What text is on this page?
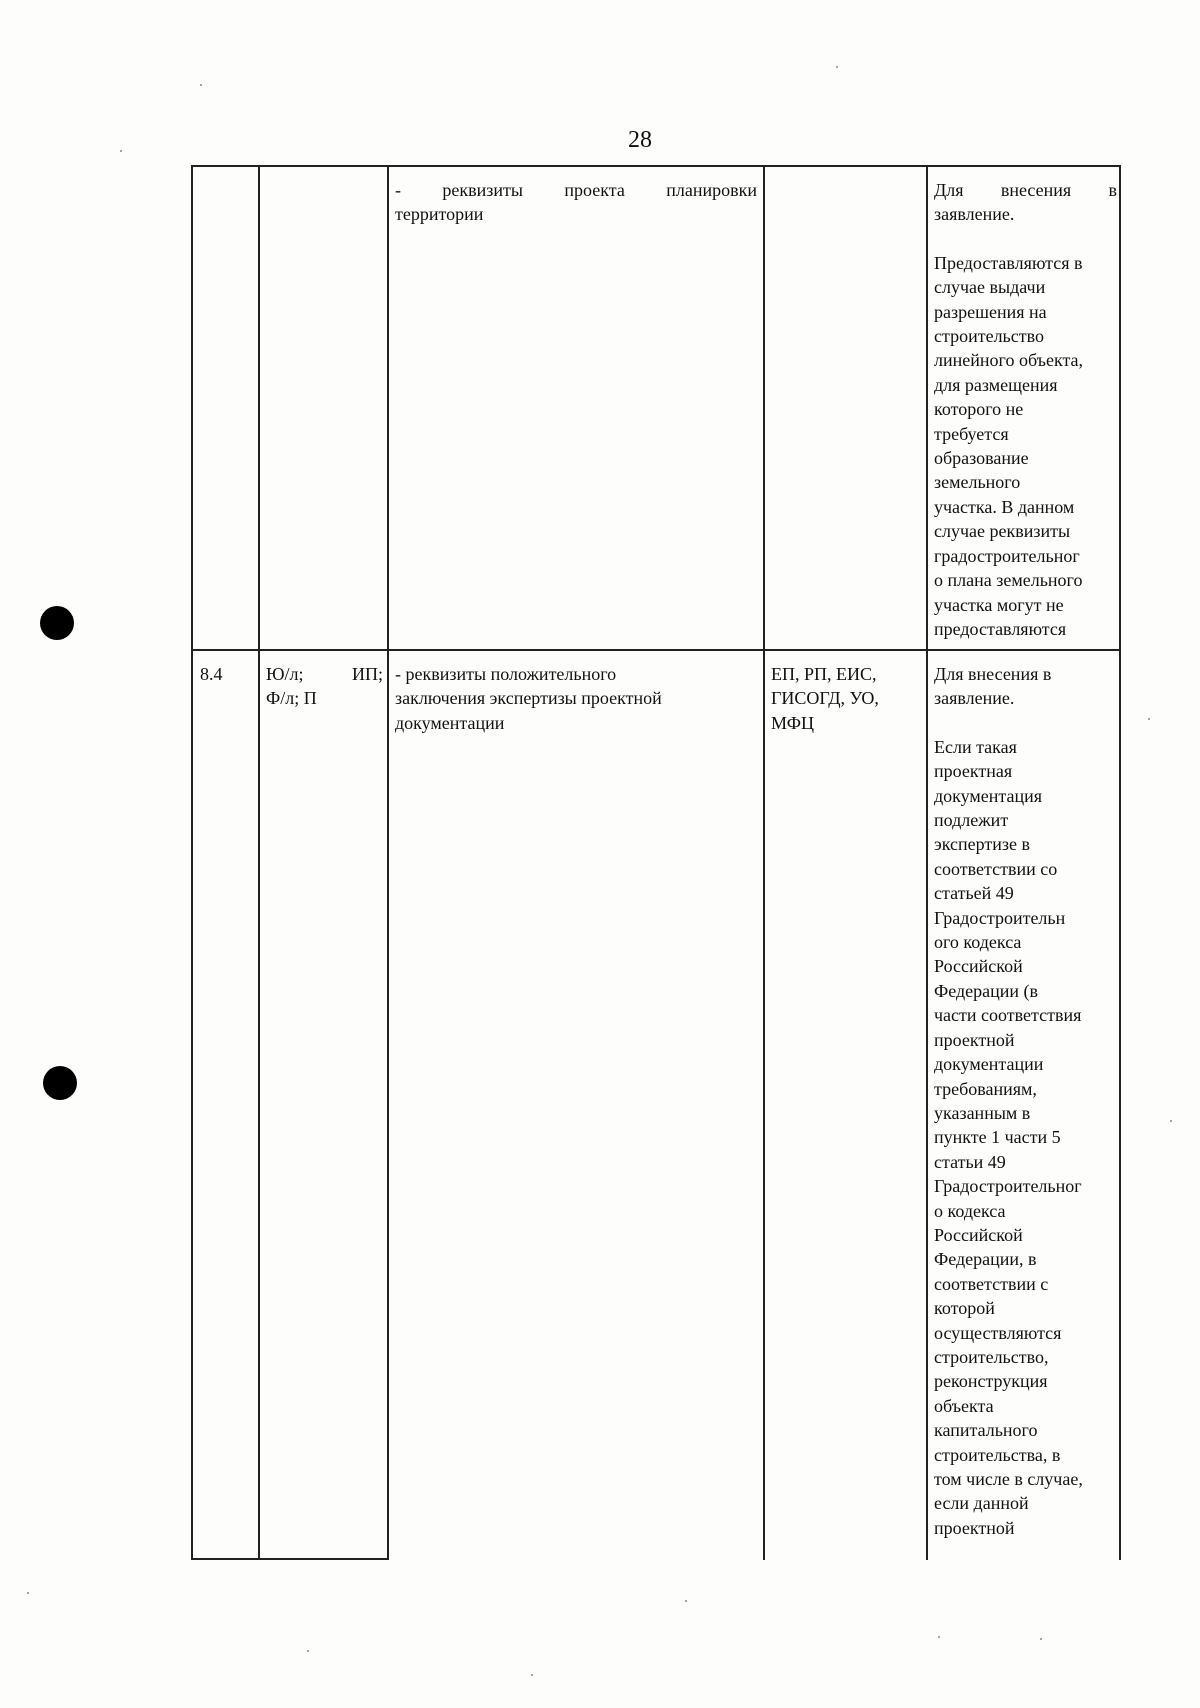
28
- реквизиты проекта планировки
территории
Для внесения в
заявление.
Предоставляются в
случае выдачи
разрешения на
строительство
линейного объекта,
для размещения
которого не
требуется
образование
земельного
участка. В данном
случае реквизиты
градостроительног
о плана земельного
участка могут не
предоставляются
8.4	Ю/л; ИП;
Ф/л; П
- реквизиты положительного
заключения экспертизы проектной
документации
ЕП, РП, ЕИС,
ГИСОГД, УО,
МФЦ
Для внесения в
заявление.
Если такая
проектная
документация
подлежит
экспертизе в
соответствии со
статьей 49
Градостроительн
ого кодекса
Российской
Федерации (в
части соответствия
проектной
документации
требованиям,
указанным в
пункте 1 части 5
статьи 49
Градостроительног
о кодекса
Российской
Федерации, в
соответствии с
которой
осуществляются
строительство,
реконструкция
объекта
капитального
строительства, в
том числе в случае,
если данной
проектной
